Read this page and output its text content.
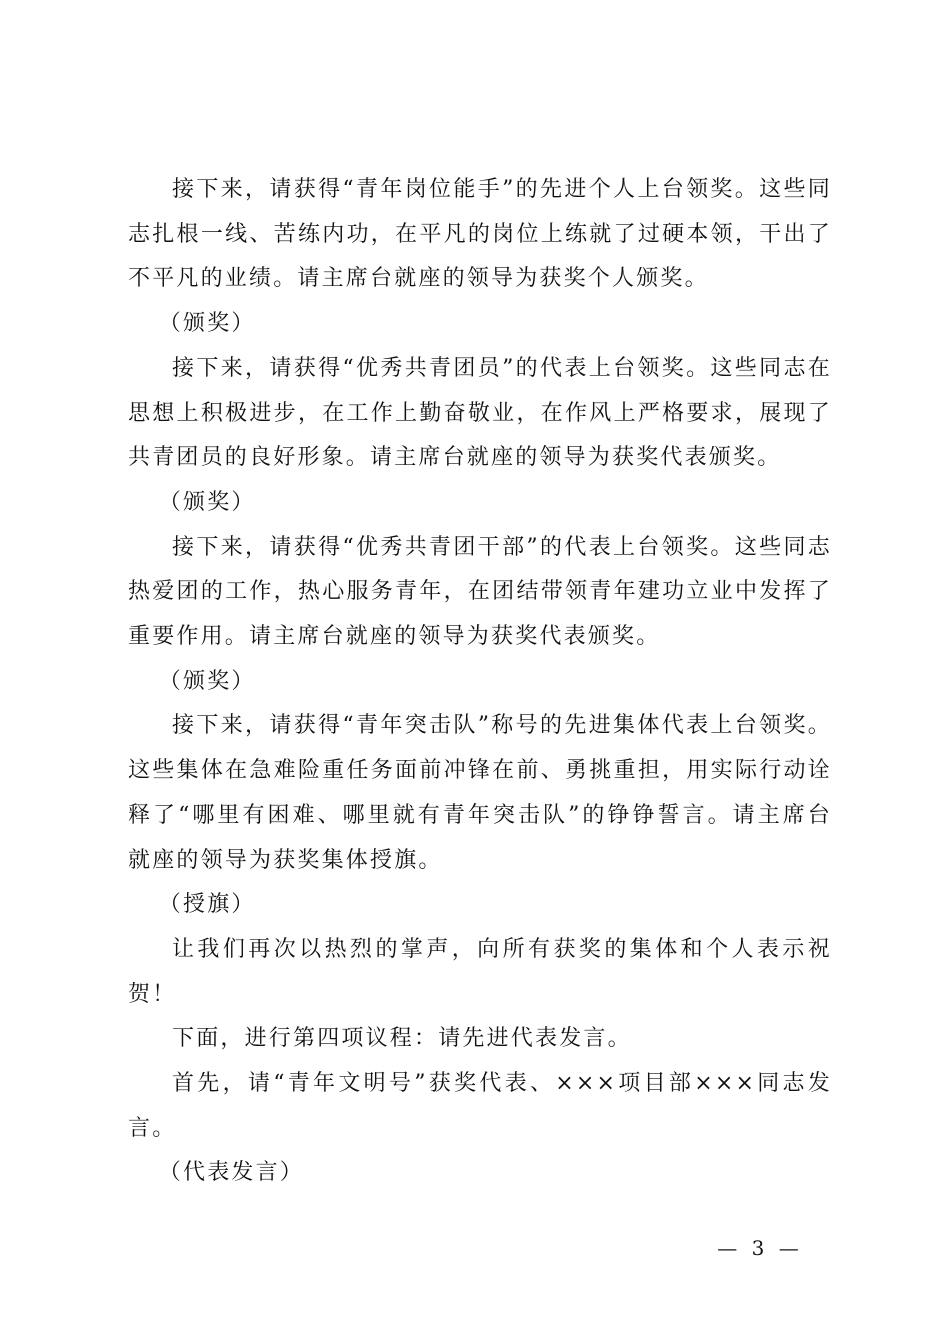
接下来，请获得“青年岗位能手”的先进个人上台领奖。这些同志扎根一线、苦练内功，在平凡的岗位上练就了过硬本领，干出了不平凡的业绩。请主席台就座的领导为获奖个人颁奖。

（颁奖）

接下来，请获得“优秀共青团员”的代表上台领奖。这些同志在思想上积极进步，在工作上勤奋敬业，在作风上严格要求，展现了共青团员的良好形象。请主席台就座的领导为获奖代表颁奖。

（颁奖）

接下来，请获得“优秀共青团干部”的代表上台领奖。这些同志热爱团的工作，热心服务青年，在团结带领青年建功立业中发挥了重要作用。请主席台就座的领导为获奖代表颁奖。

（颁奖）

接下来，请获得“青年突击队”称号的先进集体代表上台领奖。这些集体在急难险重任务面前冲锋在前、勇挑重担，用实际行动诠释了“哪里有困难、哪里就有青年突击队”的铮铮誓言。请主席台就座的领导为获奖集体授旗。

（授旗）

让我们再次以热烈的掌声，向所有获奖的集体和个人表示祝贺！

下面，进行第四项议程：请先进代表发言。

首先，请“青年文明号”获奖代表、×××项目部×××同志发言。

（代表发言）

— 3 —
